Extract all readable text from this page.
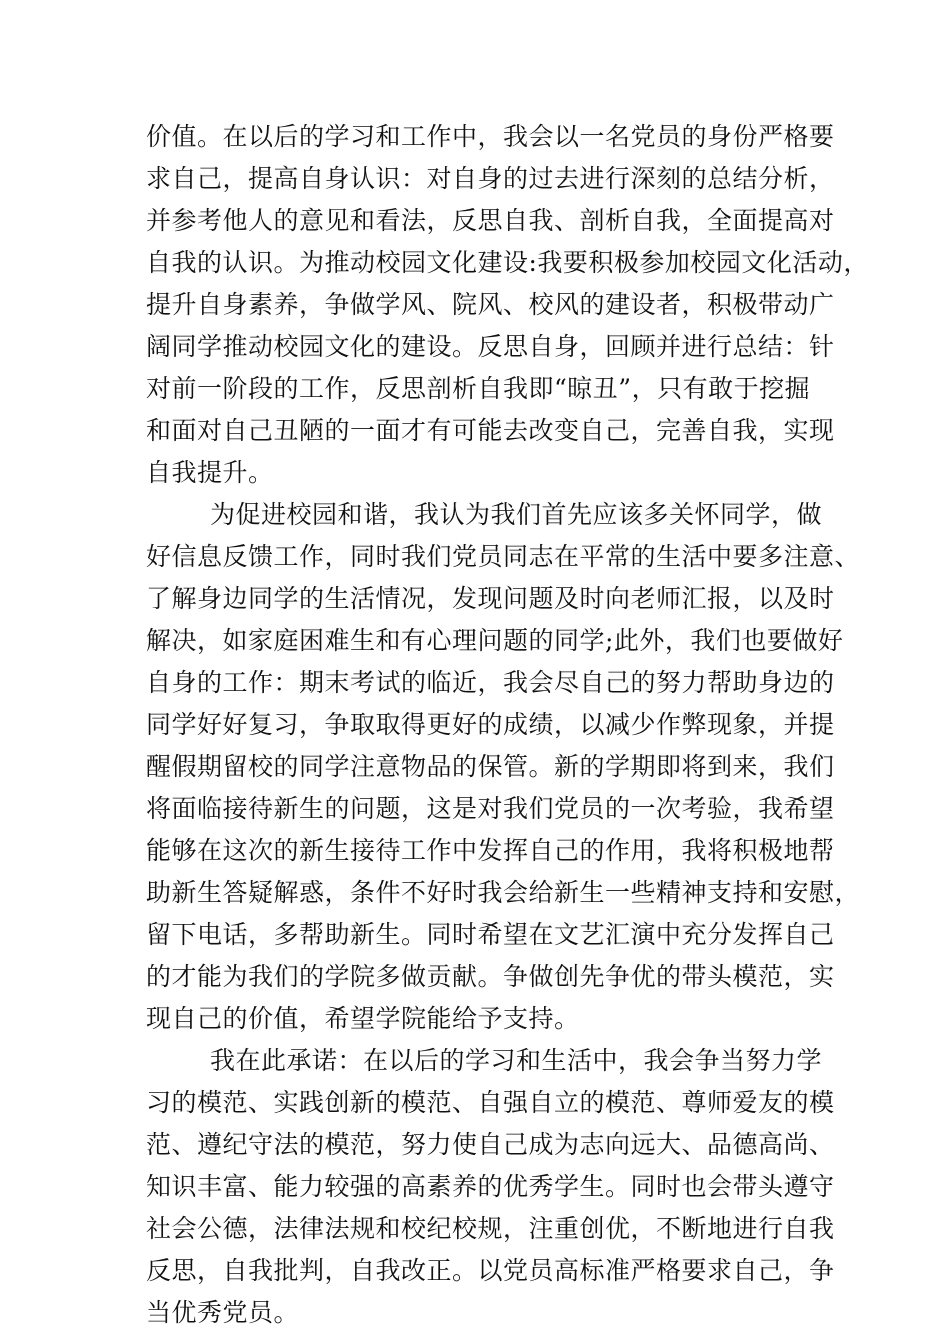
价值。在以后的学习和工作中，我会以一名党员的身份严格要
求自己，提高自身认识：对自身的过去进行深刻的总结分析，
并参考他人的意见和看法，反思自我、剖析自我，全面提高对
自我的认识。为推动校园文化建设:我要积极参加校园文化活动，
提升自身素养，争做学风、院风、校风的建设者，积极带动广
阔同学推动校园文化的建设。反思自身，回顾并进行总结：针
对前一阶段的工作，反思剖析自我即“晾丑”，只有敢于挖掘
和面对自己丑陋的一面才有可能去改变自己，完善自我，实现
自我提升。
为促进校园和谐，我认为我们首先应该多关怀同学，做
好信息反馈工作，同时我们党员同志在平常的生活中要多注意、
了解身边同学的生活情况，发现问题及时向老师汇报，以及时
解决，如家庭困难生和有心理问题的同学;此外，我们也要做好
自身的工作：期末考试的临近，我会尽自己的努力帮助身边的
同学好好复习，争取取得更好的成绩，以减少作弊现象，并提
醒假期留校的同学注意物品的保管。新的学期即将到来，我们
将面临接待新生的问题，这是对我们党员的一次考验，我希望
能够在这次的新生接待工作中发挥自己的作用，我将积极地帮
助新生答疑解惑，条件不好时我会给新生一些精神支持和安慰，
留下电话，多帮助新生。同时希望在文艺汇演中充分发挥自己
的才能为我们的学院多做贡献。争做创先争优的带头模范，实
现自己的价值，希望学院能给予支持。
我在此承诺：在以后的学习和生活中，我会争当努力学
习的模范、实践创新的模范、自强自立的模范、尊师爱友的模
范、遵纪守法的模范，努力使自己成为志向远大、品德高尚、
知识丰富、能力较强的高素养的优秀学生。同时也会带头遵守
社会公德，法律法规和校纪校规，注重创优，不断地进行自我
反思，自我批判，自我改正。以党员高标准严格要求自己，争
当优秀党员。
